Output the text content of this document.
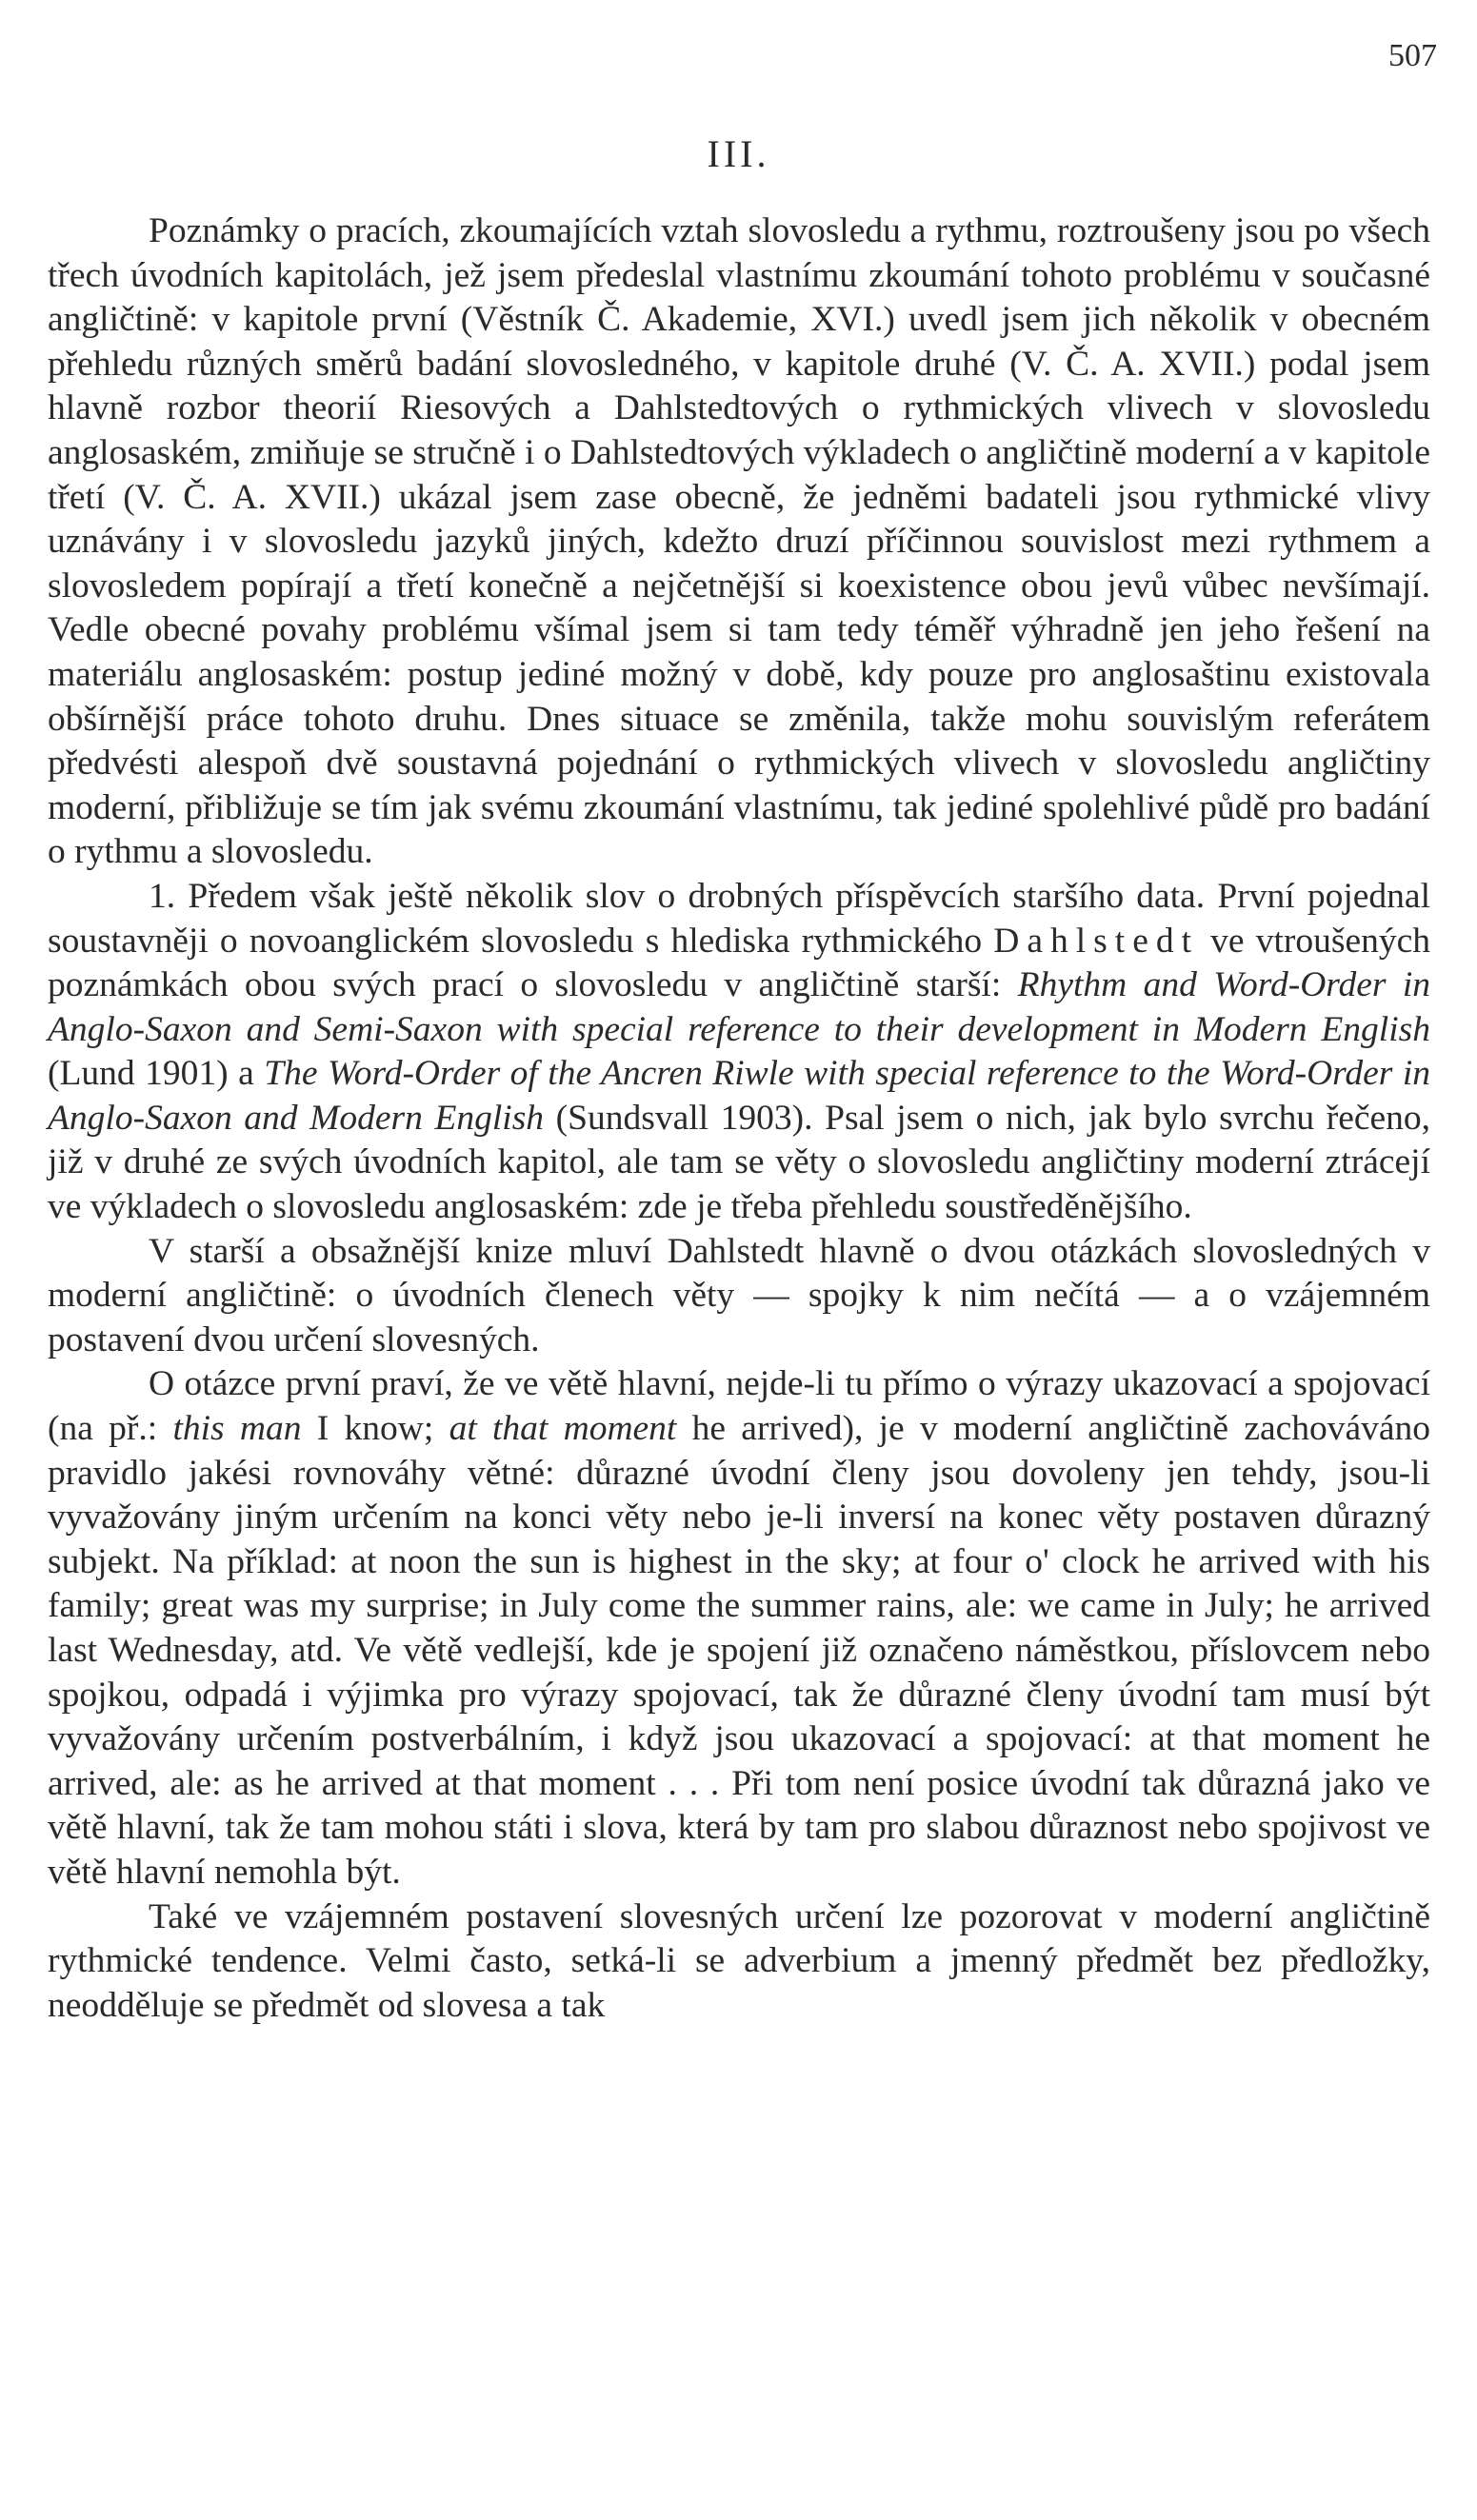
507
III.

Poznámky o pracích, zkoumajících vztah slovosledu a rythmu, roztroušeny jsou po všech třech úvodních kapitolách, jež jsem předeslal vlastnímu zkoumání tohoto problému v současné angličtině: v kapitole první (Věstník Č. Akademie, XVI.) uvedl jsem jich několik v obecném přehledu různých směrů badání slovoslednéhо, v kapitole druhé (V. Č. A. XVII.) podal jsem hlavně rozbor theorií Riesových a Dahlstedtových o rythmických vlivech v slovosledu anglosaském, zmiňuje se stručně i o Dahlstedtových výkladech o angličtině moderní a v kapitole třetí (V. Č. A. XVII.) ukázal jsem zase obecně, že jedněmi badateli jsou rythmické vlivy uznávány i v slovosledu jazyků jiných, kdežto druzí příčinnou souvislost mezi rythmem a slovosledem popírají a třetí konečně a nejčetnější si koexistence obou jevů vůbec nevšímají. Vedle obecné povahy problému všímal jsem si tam tedy téměř výhradně jen jeho řešení na materiálu anglosaském: postup jediné možný v době, kdy pouze pro anglosaštinu existovala obšírnější práce tohoto druhu. Dnes situace se změnila, takže mohu souvislým referátem předvésti alespoň dvě soustavná pojednání o rythmických vlivech v slovosledu angličtiny moderní, přibližuje se tím jak svému zkoumání vlastnímu, tak jediné spolehlivé půdě pro badání o rythmu a slovosledu.

1. Předem však ještě několik slov o drobných příspěvcích staršího data. První pojednal soustavněji o novoanglickém slovosledu s hlediska rythmického Dahlstedt ve vtroušených poznámkách obou svých prací o slovosledu v angličtině starší: Rhythm and Word-Order in Anglo-Saxon and Semi-Saxon with special reference to their development in Modern English (Lund 1901) a The Word-Order of the Ancren Riwle with special reference to the Word-Order in Anglo-Saxon and Modern English (Sundsvall 1903). Psal jsem o nich, jak bylo svrchu řečeno, již v druhé ze svých úvodních kapitol, ale tam se věty o slovosledu angličtiny moderní ztrácejí ve výkladech o slovosledu anglosaském: zde je třeba přehledu soustředěnějšího.

V starší a obsažnější knize mluví Dahlstedt hlavně o dvou otázkách slovosledných v moderní angličtině: o úvodních členech věty — spojky k nim nečítá — a o vzájemném postavení dvou určení slovesných.

O otázce první praví, že ve větě hlavní, nejde-li tu přímo o výrazy ukazovací a spojovací (na př.: this man I know; at that moment he arrived), je v moderní angličtině zachováváno pravidlo jakési rovnováhy větné: důrazné úvodní členy jsou dovoleny jen tehdy, jsou-li vyvažovány jiným určením na konci věty nebo je-li inversí na konec věty postaven důrazný subjekt. Na příklad: at noon the sun is highest in the sky; at four o' clock he arrived with his family; great was my surprise; in July come the summer rains, ale: we came in July; he arrived last Wednesday, atd. Ve větě vedlejší, kde je spojení již označeno náměstkou, příslovcem nebo spojkou, odpadá i výjimka pro výrazy spojovací, tak že důrazné členy úvodní tam musí být vyvažovány určením postverbálním, i když jsou ukazovací a spojovací: at that moment he arrived, ale: as he arrived at that moment . . . Při tom není posice úvodní tak důrazná jako ve větě hlavní, tak že tam mohou státi i slova, která by tam pro slabou důraznost nebo spojivost ve větě hlavní nemohla být.

Také ve vzájemném postavení slovesných určení lze pozorovat v moderní angličtině rythmické tendence. Velmi často, setká-li se adverbium a jmenný předmět bez předložky, neodděluje se předmět od slovesa a tak
